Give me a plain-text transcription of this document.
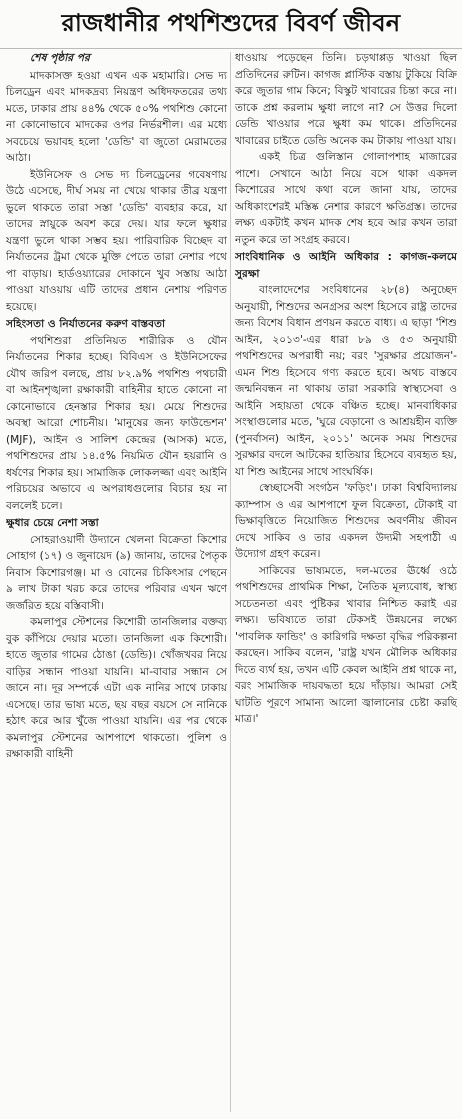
রাজধানীর পথশিশুদের বিবর্ণ জীবন

শেষ পৃষ্ঠার পর

মাদকাসক্ত হওয়া এখন এক মহামারি। সেভ দ্য চিলড্রেন এবং মাদকদ্রব্য নিয়ন্ত্রণ অধিদফতরের তথ্য মতে, ঢাকার প্রায় ৪৪% থেকে ৫০% পথশিশু কোনো না কোনোভাবে মাদকের ওপর নির্ভরশীল। এর মধ্যে সবচেয়ে ভয়াবহ হলো 'ডেন্ডি' বা জুতো মেরামতের আঠা।

ইউনিসেফ ও সেভ দ্য চিলড্রেনের গবেষণায় উঠে এসেছে, দীর্ঘ সময় না খেয়ে থাকার তীব্র যন্ত্রণা ভুলে থাকতে তারা সস্তা 'ডেন্ডি' ব্যবহার করে, যা তাদের স্নায়ুকে অবশ করে দেয়। যার ফলে ক্ষুধার যন্ত্রণা ভুলে থাকা সম্ভব হয়। পারিবারিক বিচ্ছেদ বা নির্যাতনের ট্রমা থেকে মুক্তি পেতে তারা নেশার পথে পা বাড়ায়। হার্ডওয়্যারের দোকানে খুব সস্তায় আঠা পাওয়া যাওয়ায় এটি তাদের প্রধান নেশায় পরিণত হয়েছে।

সহিংসতা ও নির্যাতনের করুণ বাস্তবতা

পথশিশুরা প্রতিনিয়ত শারীরিক ও যৌন নির্যাতনের শিকার হচ্ছে। বিবিএস ও ইউনিসেফের যৌথ জরিপ বলছে, প্রায় ৮২.৯% পথশিশু পথচারী বা আইনশৃঙ্খলা রক্ষাকারী বাহিনীর হাতে কোনো না কোনোভাবে হেনস্তার শিকার হয়। মেয়ে শিশুদের অবস্থা আরো শোচনীয়। 'মানুষের জন্য ফাউন্ডেশন' (MJF), আইন ও সালিশ কেন্দ্রের (আসক) মতে, পথশিশুদের প্রায় ১৪.৫% নিয়মিত যৌন হয়রানি ও ধর্ষণের শিকার হয়। সামাজিক লোকলজ্জা এবং আইনি পরিচয়ের অভাবে এ অপরাধগুলোর বিচার হয় না বললেই চলে।

ক্ষুধার চেয়ে নেশা সস্তা

সোহরাওয়ার্দী উদ্যানে খেলনা বিক্রেতা কিশোর সোহাগ (১৭) ও জুনায়েদ (৯) জানায়, তাদের পৈতৃক নিবাস কিশোরগঞ্জ। মা ও বোনের চিকিৎসার পেছনে ৯ লাখ টাকা খরচ করে তাদের পরিবার এখন ঋণে জর্জরিত হয়ে বস্তিবাসী।

কমলাপুর স্টেশনের কিশোরী তানজিলার বক্তব্য বুক কাঁপিয়ে দেয়ার মতো। তানজিলা এক কিশোরী। হাতে জুতার গামের ঠোঙা (ডেন্ডি)। খোঁজখবর নিয়ে বাড়ির সন্ধান পাওয়া যায়নি। মা-বাবার সন্ধান সে জানে না। দূর সম্পর্কে এটা এক নানির সাথে ঢাকায় এসেছে। তার ভাষ্য মতে, ছয় বছর বয়সে সে নানিকে হঠাৎ করে আর খুঁজে পাওয়া যায়নি। এর পর থেকে কমলাপুর স্টেশনের আশপাশে থাকতো। পুলিশ ও রক্ষাকারী বাহিনী

ধাওয়ায় পড়েছেন তিনি। চড়থাপ্পড় খাওয়া ছিল প্রতিদিনের রুটিন। কাগজ প্লাস্টিক বস্তায় টুকিয়ে বিক্রি করে জুতার গাম কিনে; বিস্কুট খাবারের চিন্তা করে না। তাকে প্রশ্ন করলাম ক্ষুধা লাগে না? সে উত্তর দিলো ডেন্ডি খাওয়ার পরে ক্ষুধা কম থাকে। প্রতিদিনের খাবারের চাইতে ডেন্ডি অনেক কম টাকায় পাওয়া যায়।

একই চিত্র গুলিস্তান গোলাপশাহ মাজারের পাশে। সেখানে আঠা নিয়ে বসে থাকা একদল কিশোরের সাথে কথা বলে জানা যায়, তাদের অধিকাংশেরই মস্তিষ্ক নেশার কারণে ক্ষতিগ্রস্ত। তাদের লক্ষ্য একটাই কখন মাদক শেষ হবে আর কখন তারা নতুন করে তা সংগ্রহ করবে।

সাংবিধানিক ও আইনি অধিকার : কাগজ-কলমে সুরক্ষা

বাংলাদেশের সংবিধানের ২৮(৪) অনুচ্ছেদ অনুযায়ী, শিশুদের অনগ্রসর অংশ হিসেবে রাষ্ট্র তাদের জন্য বিশেষ বিধান প্রণয়ন করতে বাধ্য। এ ছাড়া 'শিশু আইন, ২০১৩'-এর ধারা ৮৯ ও ৫৩ অনুযায়ী পথশিশুদের অপরাধী নয়; বরং 'সুরক্ষার প্রয়োজন'- এমন শিশু হিসেবে গণ্য করতে হবে। অথচ বাস্তবে জন্মনিবন্ধন না থাকায় তারা সরকারি স্বাস্থ্যসেবা ও আইনি সহায়তা থেকে বঞ্চিত হচ্ছে। মানবাধিকার সংস্থাগুলোর মতে, 'ঘুরে বেড়ানো ও আশ্রয়হীন ব্যক্তি (পুনর্বাসন) আইন, ২০১১' অনেক সময় শিশুদের সুরক্ষার বদলে আটকের হাতিয়ার হিসেবে ব্যবহৃত হয়, যা শিশু আইনের সাথে সাংঘর্ষিক।

স্বেচ্ছাসেবী সংগঠন 'ফড়িং'। ঢাকা বিশ্ববিদ্যালয় ক্যাম্পাস ও এর আশপাশে ফুল বিক্রেতা, টোকাই বা ভিক্ষাবৃত্তিতে নিয়োজিত শিশুদের অবর্ণনীয় জীবন দেখে সাকিব ও তার একদল উদ্যমী সহপাঠী এ উদ্যোগ গ্রহণ করেন।

সাকিবের ভাষ্যমতে, দল-মতের ঊর্ধ্বে ওঠে পথশিশুদের প্রাথমিক শিক্ষা, নৈতিক মূল্যবোধ, স্বাস্থ্য সচেতনতা এবং পুষ্টিকর খাবার নিশ্চিত করাই এর লক্ষ্য। ভবিষ্যতে তারা টেকসই উন্নয়নের লক্ষ্যে 'পাবলিক ফান্ডিং' ও কারিগরি দক্ষতা বৃদ্ধির পরিকল্পনা করছেন। সাকিব বলেন, 'রাষ্ট্র যখন মৌলিক অধিকার দিতে ব্যর্থ হয়, তখন এটি কেবল আইনি প্রশ্ন থাকে না, বরং সামাজিক দায়বদ্ধতা হয়ে দাঁড়ায়। আমরা সেই ঘাটতি পূরণে সামান্য আলো জ্বালানোর চেষ্টা করছি মাত্র।'
